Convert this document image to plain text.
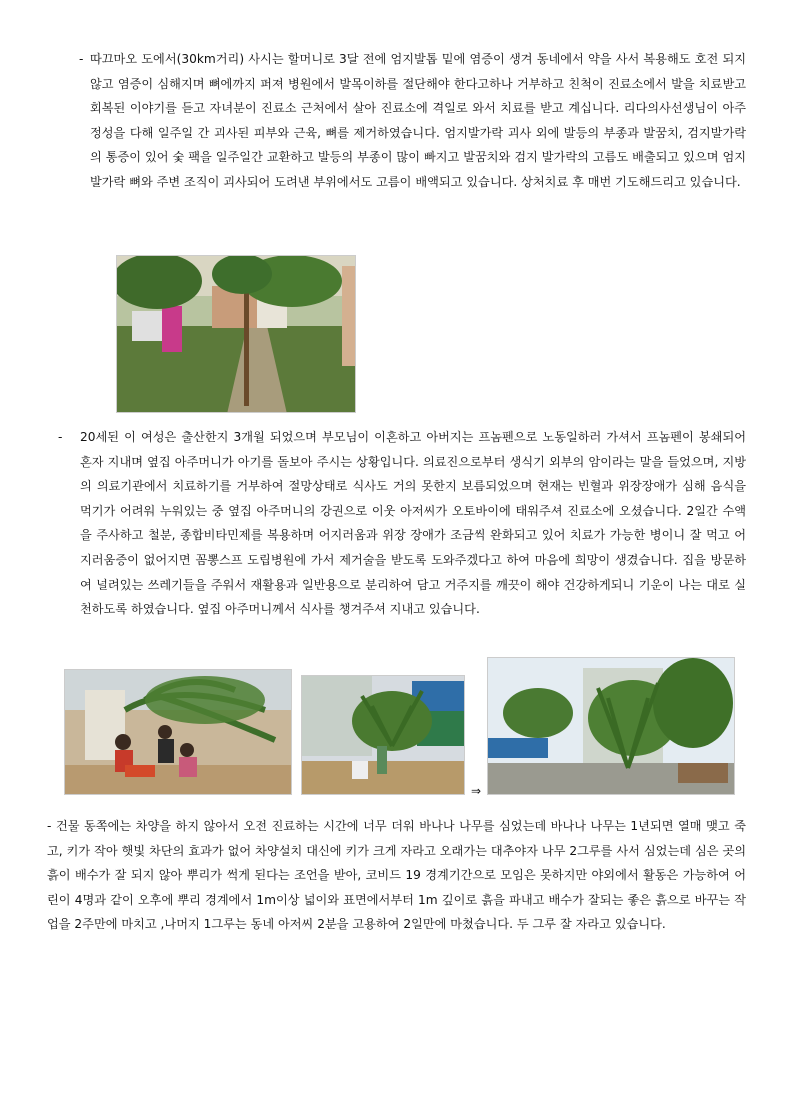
- 따끄마오 도에서(30km거리) 사시는 할머니로 3달 전에 엄지발톱 밑에 염증이 생겨 동네에서 약을 사서 복용해도 호전 되지 않고 염증이 심해지며 뼈에까지 퍼져 병원에서 발목이하를 절단해야 한다고하나 거부하고 친척이 진료소에서 발을 치료받고 회복된 이야기를 듣고 자녀분이 진료소 근처에서 살아 진료소에 격일로 와서 치료를 받고 계십니다. 리다의사선생님이 아주 정성을 다해 일주일 간 괴사된 피부와 근육, 뼈를 제거하였습니다. 엄지발가락 괴사 외에 발등의 부종과 발꿈치, 검지발가락의 통증이 있어 숯 팩을 일주일간 교환하고 발등의 부종이 많이 빠지고 발꿈치와 검지 발가락의 고름도 배출되고 있으며 엄지발가락 뼈와 주변 조직이 괴사되어 도려낸 부위에서도 고름이 배액되고 있습니다. 상처치료 후 매번 기도해드리고 있습니다.

- 20세된 이 여성은 출산한지 3개월 되었으며 부모님이 이혼하고 아버지는 프놈펜으로 노동일하러 가셔서 프놈펜이 봉쇄되어 혼자 지내며 옆집 아주머니가 아기를 돌보아 주시는 상황입니다. 의료진으로부터 생식기 외부의 암이라는 말을 들었으며, 지방의 의료기관에서 치료하기를 거부하여 절망상태로 식사도 거의 못한지 보름되었으며 현재는 빈혈과 위장장애가 심해 음식을 먹기가 어려워 누워있는 중 옆집 아주머니의 강권으로 이웃 아저씨가 오토바이에 태워주셔 진료소에 오셨습니다. 2일간 수액을 주사하고 철분, 종합비타민제를 복용하며 어지러움과 위장 장애가 조금씩 완화되고 있어 치료가 가능한 병이니 잘 먹고 어지러움증이 없어지면 꼼뽕스프 도립병원에 가서 제거술을 받도록 도와주겠다고 하여 마음에 희망이 생겼습니다. 집을 방문하여 널려있는 쓰레기들을 주워서 재활용과 일반용으로 분리하여 담고 거주지를 깨끗이 해야 건강하게되니 기운이 나는 대로 실천하도록 하였습니다. 옆집 아주머니께서 식사를 챙겨주셔 지내고 있습니다.

⇒

- 건물 동쪽에는 차양을 하지 않아서 오전 진료하는 시간에 너무 더워 바나나 나무를 심었는데 바나나 나무는 1년되면 열매 맺고 죽고, 키가 작아 햇빛 차단의 효과가 없어 차양설치 대신에 키가 크게 자라고 오래가는 대추야자 나무 2그루를 사서 심었는데 심은 곳의 흙이 배수가 잘 되지 않아 뿌리가 썩게 된다는 조언을 받아, 코비드 19 경계기간으로 모임은 못하지만 야외에서 활동은 가능하여 어린이 4명과 같이 오후에 뿌리 경계에서 1m이상 넓이와 표면에서부터 1m 깊이로 흙을 파내고 배수가 잘되는 좋은 흙으로 바꾸는 작업을 2주만에 마치고 ,나머지 1그루는 동네 아저씨 2분을 고용하여 2일만에 마쳤습니다. 두 그루 잘 자라고 있습니다.
